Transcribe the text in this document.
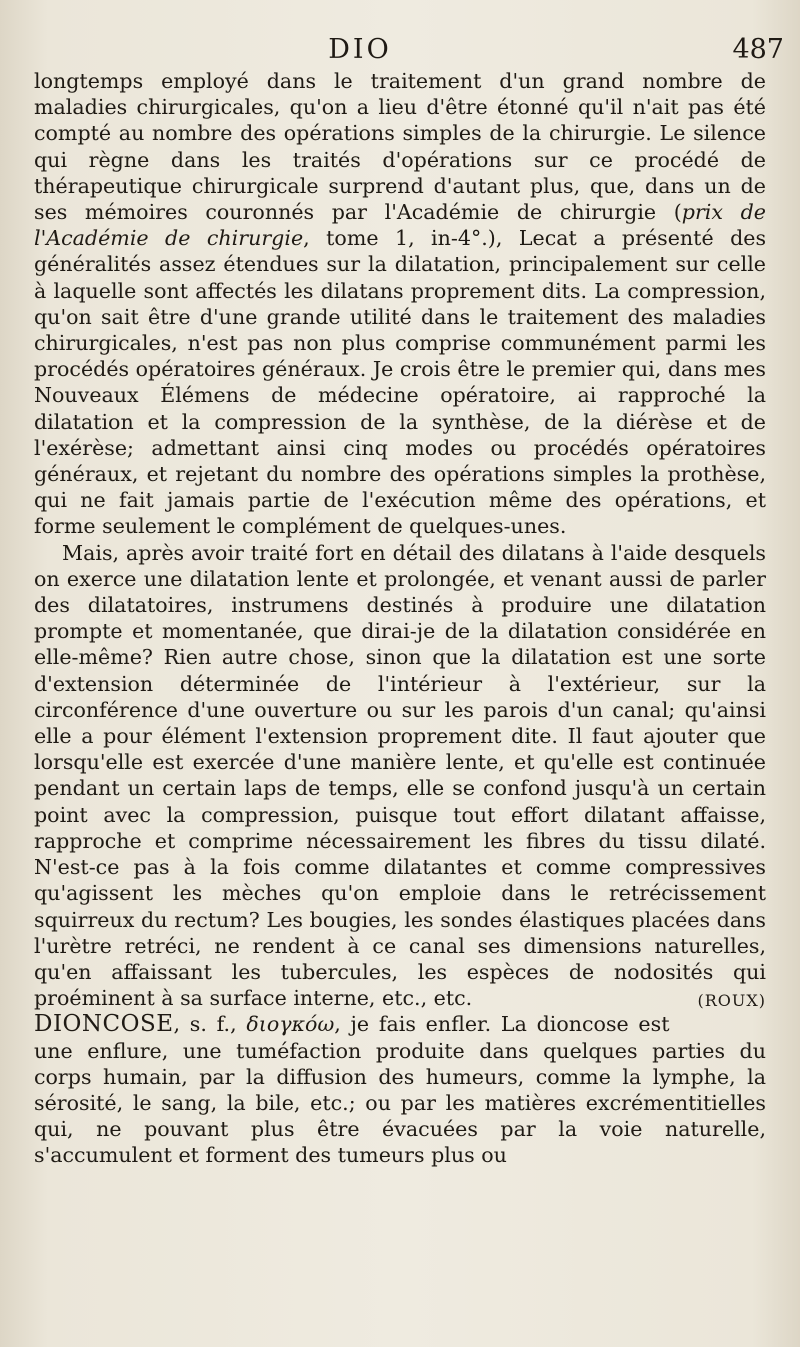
DIO	487

longtemps employé dans le traitement d'un grand nombre de maladies chirurgicales, qu'on a lieu d'être étonné qu'il n'ait pas été compté au nombre des opérations simples de la chirurgie. Le silence qui règne dans les traités d'opérations sur ce procédé de thérapeutique chirurgicale surprend d'autant plus, que, dans un de ses mémoires couronnés par l'Académie de chirurgie (prix de l'Académie de chirurgie, tome 1, in-4°.), Lecat a présenté des généralités assez étendues sur la dilatation, principalement sur celle à laquelle sont affectés les dilatans proprement dits. La compression, qu'on sait être d'une grande utilité dans le traitement des maladies chirurgicales, n'est pas non plus comprise communément parmi les procédés opératoires généraux. Je crois être le premier qui, dans mes Nouveaux Élémens de médecine opératoire, ai rapproché la dilatation et la compression de la synthèse, de la diérèse et de l'exérèse; admettant ainsi cinq modes ou procédés opératoires généraux, et rejetant du nombre des opérations simples la prothèse, qui ne fait jamais partie de l'exécution même des opérations, et forme seulement le complément de quelques-unes.

Mais, après avoir traité fort en détail des dilatans à l'aide desquels on exerce une dilatation lente et prolongée, et venant aussi de parler des dilatatoires, instrumens destinés à produire une dilatation prompte et momentanée, que dirai-je de la dilatation considérée en elle-même? Rien autre chose, sinon que la dilatation est une sorte d'extension déterminée de l'intérieur à l'extérieur, sur la circonférence d'une ouverture ou sur les parois d'un canal; qu'ainsi elle a pour élément l'extension proprement dite. Il faut ajouter que lorsqu'elle est exercée d'une manière lente, et qu'elle est continuée pendant un certain laps de temps, elle se confond jusqu'à un certain point avec la compression, puisque tout effort dilatant affaisse, rapproche et comprime nécessairement les fibres du tissu dilaté. N'est-ce pas à la fois comme dilatantes et comme compressives qu'agissent les mèches qu'on emploie dans le retrécissement squirreux du rectum? Les bougies, les sondes élastiques placées dans l'urètre retréci, ne rendent à ce canal ses dimensions naturelles, qu'en affaissant les tubercules, les espèces de nodosités qui proéminent à sa surface interne, etc., etc.	(ROUX)

DIONCOSE, s. f., διογκόω, je fais enfler. La dioncose est une enflure, une tuméfaction produite dans quelques parties du corps humain, par la diffusion des humeurs, comme la lymphe, la sérosité, le sang, la bile, etc.; ou par les matières excrémentitielles qui, ne pouvant plus être évacuées par la voie naturelle, s'accumulent et forment des tumeurs plus ou
